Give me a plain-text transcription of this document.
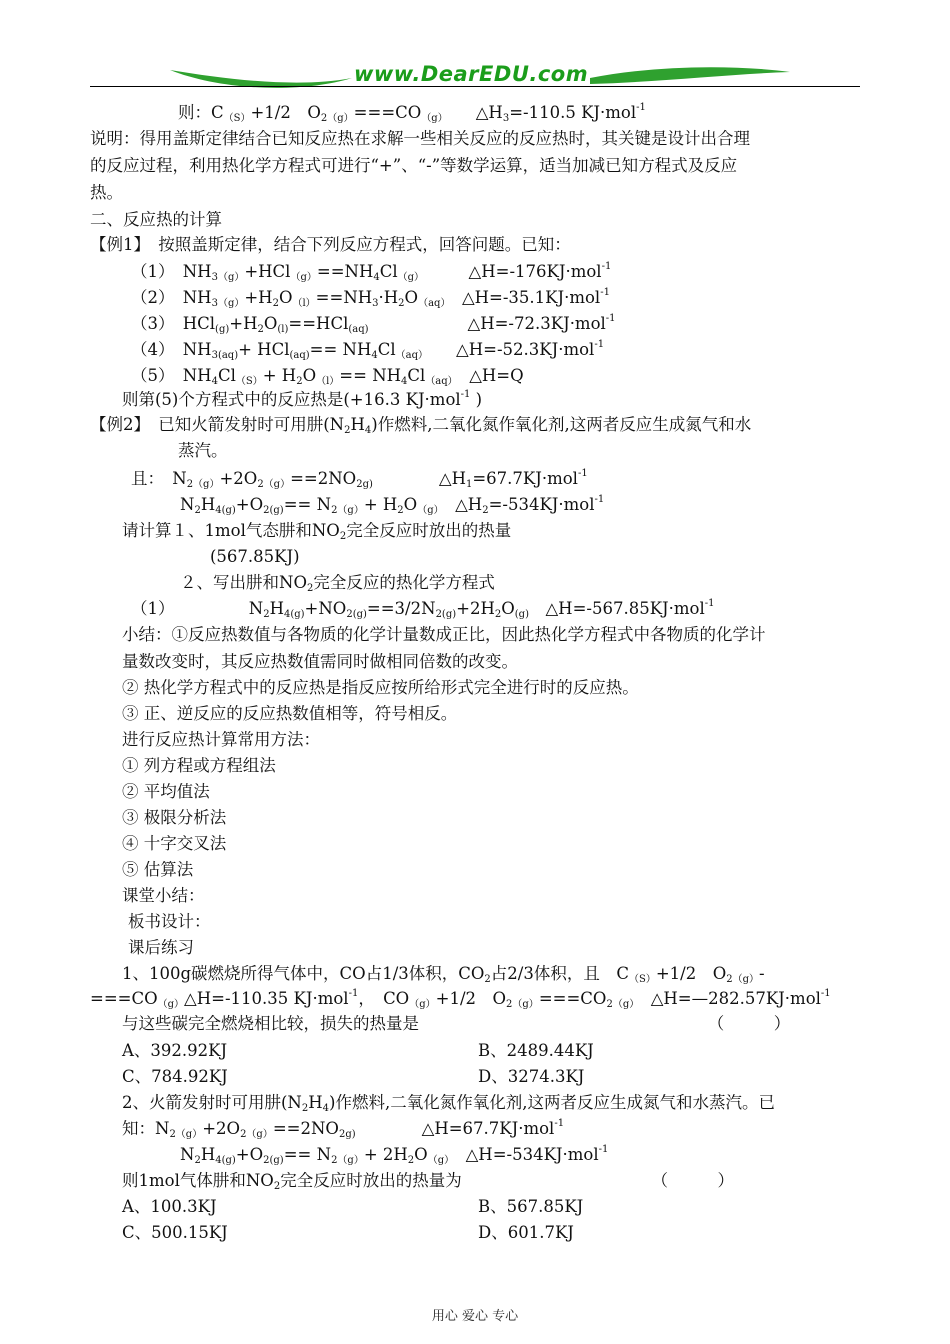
www.DearEDU.com
则：$C_{(S)}+1/2$　$O_{2(g)}===CO_{(g)}$　　$\triangle H_3=-110.5$ KJ·mol$^{-1}$
说明：得用盖斯定律结合已知反应热在求解一些相关反应的反应热时，其关键是设计出合理
的反应过程，利用热化学方程式可进行“+”、“-”等数学运算，适当加减已知方程式及反应
热。
二、反应热的计算
【例1】　按照盖斯定律，结合下列反应方程式，回答问题。已知：
（1）　$NH_{3(g)}+HCl_{(g)}==NH_4Cl_{(g)}$　　　△H=-176KJ·mol$^{-1}$
（2）　$NH_{3(g)}+H_2O_{(l)}==NH_3\cdot H_2O_{(aq)}$　△H=-35.1KJ·mol$^{-1}$
（3）　$HCl_{(g)}+H_2O_{(l)}==HCl_{(aq)}$　　　　　　△H=-72.3KJ·mol$^{-1}$
（4）　$NH_{3(aq)}+ HCl_{(aq)}== NH_4Cl_{(aq)}$　　△H=-52.3KJ·mol$^{-1}$
（5）　$NH_4Cl_{(S)}+ H_2O_{(l)}== NH_4Cl_{(aq)}$　△H=Q
则第(5)个方程式中的反应热是(+16.3 KJ·mol$^{-1}$ )
【例2】　已知火箭发射时可用肼$(N_2H_4)$作燃料,二氧化氮作氧化剂,这两者反应生成氮气和水
蒸汽。
且：　$N_{2(g)}+2O_{2(g)}==2NO_{2g)}$　　　　$\triangle H_1=67.7KJ\cdot mol^{-1}$
$N_2H_{4(g)}+O_{2(g)}== N_{2(g)}+ H_2O_{(g)}$　$\triangle H_2=-534KJ\cdot mol^{-1}$
请计算１、1mol气态肼和$NO_2$完全反应时放出的热量
(567.85KJ)
２、写出肼和$NO_2$完全反应的热化学方程式
（1）　　　　　$N_2H_{4(g)}+NO_{2(g)}==3/2N_{2(g)}+2H_2O_{(g)}$　△H=-567.85KJ·mol$^{-1}$
小结：①反应热数值与各物质的化学计量数成正比，因此热化学方程式中各物质的化学计
量数改变时，其反应热数值需同时做相同倍数的改变。
② 热化学方程式中的反应热是指反应按所给形式完全进行时的反应热。
③ 正、逆反应的反应热数值相等，符号相反。
进行反应热计算常用方法：
① 列方程或方程组法
② 平均值法
③ 极限分析法
④ 十字交叉法
⑤ 估算法
课堂小结：
板书设计：
课后练习
1、100g碳燃烧所得气体中，CO占1/3体积，$CO_2$占2/3体积，且　$C_{(S)}+1/2$　$O_{2(g)}-$
$===CO_{(g)}\triangle H=-110.35$ KJ·mol$^{-1}$，　$CO_{(g)}+1/2$　$O_{2(g)}===CO_{2(g)}$　△H=—282.57KJ·mol$^{-1}$
与这些碳完全燃烧相比较，损失的热量是　　　　　　　　　　　　　　　　　　（　　　）
A、392.92KJ	B、2489.44KJ
C、784.92KJ	D、3274.3KJ
2、火箭发射时可用肼$(N_2H_4)$作燃料,二氧化氮作氧化剂,这两者反应生成氮气和水蒸汽。已
知：$N_{2(g)}+2O_{2(g)}==2NO_{2g)}$　　　　△H=67.7KJ·mol$^{-1}$
$N_2H_{4(g)}+O_{2(g)}== N_{2(g)}+ 2H_2O_{(g)}$　△H=-534KJ·mol$^{-1}$
则1mol气体肼和$NO_2$完全反应时放出的热量为　　　　　　　　　　　　（　　　）
A、100.3KJ	B、567.85KJ
C、500.15KJ	D、601.7KJ
用心 爱心 专心
